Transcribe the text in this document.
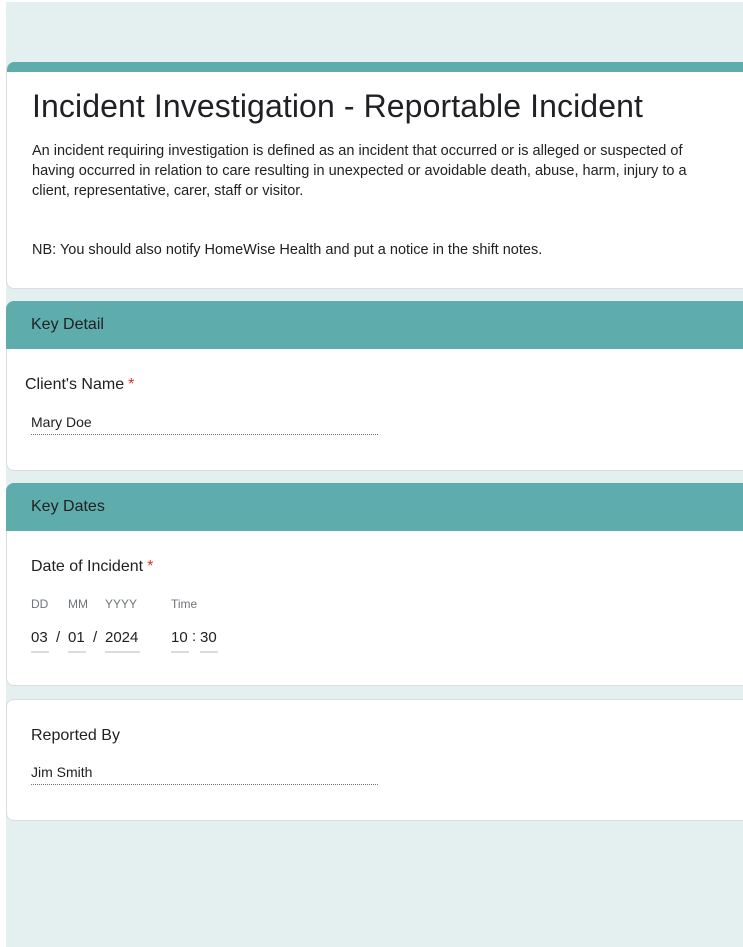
Incident Investigation - Reportable Incident

An incident requiring investigation is defined as an incident that occurred or is alleged or suspected of having occurred in relation to care resulting in unexpected or avoidable death, abuse, harm, injury to a client, representative, carer, staff or visitor.

NB: You should also notify HomeWise Health and put a notice in the shift notes.

Key Detail
Client's Name *
Mary Doe
Key Dates
Date of Incident *
DD MM YYYY	Time
03 / 01 / 2024 10 : 30
Reported By
Jim Smith
